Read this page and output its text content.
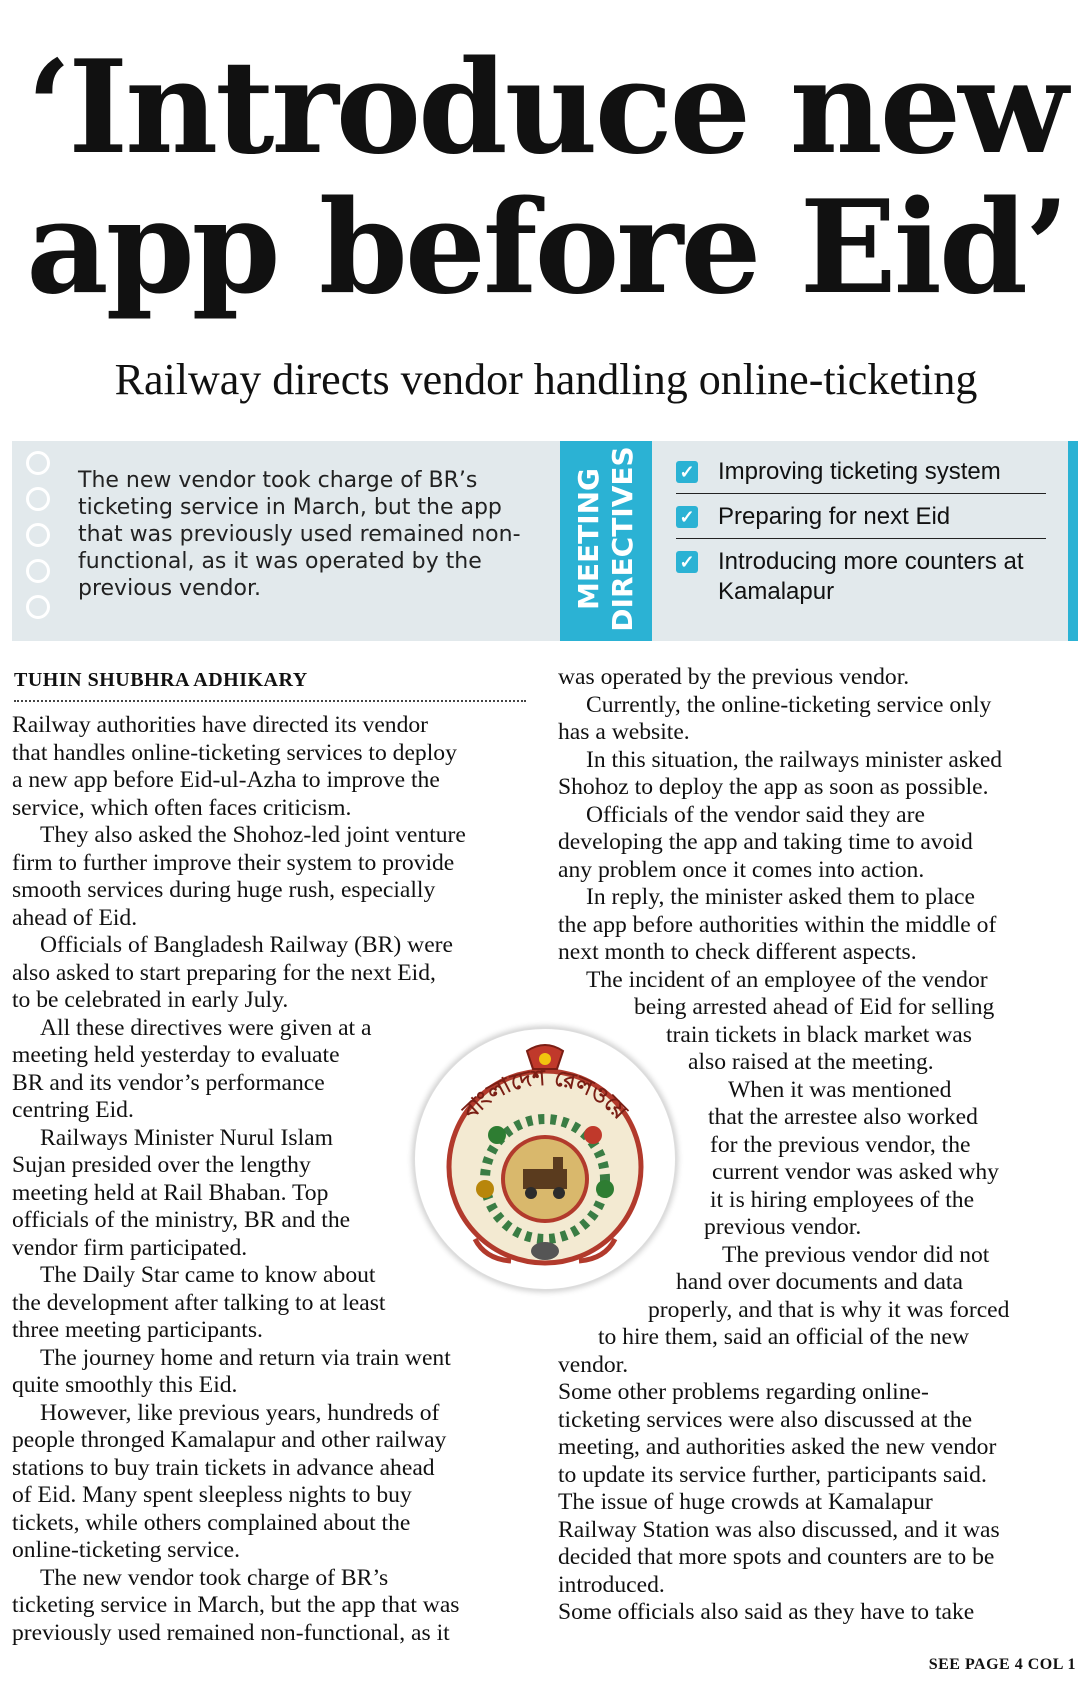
‘Introduce new
app before Eid’

Railway directs vendor handling online-ticketing

The new vendor took charge of BR’s ticketing service in March, but the app that was previously used remained non-functional, as it was operated by the previous vendor.	MEETING
DIRECTIVES ✓ Improving ticketing system
✓ Preparing for next Eid
✓ Introducing more counters at Kamalapur

TUHIN SHUBHRA ADHIKARY

Railway authorities have directed its vendor

that handles online-ticketing services to deploy

a new app before Eid-ul-Azha to improve the

service, which often faces criticism.

They also asked the Shohoz-led joint venture

firm to further improve their system to provide

smooth services during huge rush, especially

ahead of Eid.

Officials of Bangladesh Railway (BR) were

also asked to start preparing for the next Eid,

to be celebrated in early July.

All these directives were given at a

meeting held yesterday to evaluate

BR and its vendor’s performance

centring Eid.

Railways Minister Nurul Islam

Sujan presided over the lengthy

meeting held at Rail Bhaban. Top

officials of the ministry, BR and the

vendor firm participated.

The Daily Star came to know about

the development after talking to at least

three meeting participants.

The journey home and return via train went

quite smoothly this Eid.

However, like previous years, hundreds of

people thronged Kamalapur and other railway

stations to buy train tickets in advance ahead

of Eid. Many spent sleepless nights to buy

tickets, while others complained about the

online-ticketing service.

The new vendor took charge of BR’s

ticketing service in March, but the app that was

previously used remained non-functional, as it

was operated by the previous vendor.

Currently, the online-ticketing service only

has a website.

In this situation, the railways minister asked

Shohoz to deploy the app as soon as possible.

Officials of the vendor said they are

developing the app and taking time to avoid

any problem once it comes into action.

In reply, the minister asked them to place

the app before authorities within the middle of

next month to check different aspects.

The incident of an employee of the vendor

being arrested ahead of Eid for selling

train tickets in black market was

also raised at the meeting.

When it was mentioned

that the arrestee also worked

for the previous vendor, the

current vendor was asked why

it is hiring employees of the

previous vendor.

The previous vendor did not

hand over documents and data

properly, and that is why it was forced

to hire them, said an official of the new

vendor.

Some other problems regarding online-

ticketing services were also discussed at the

meeting, and authorities asked the new vendor

to update its service further, participants said.

The issue of huge crowds at Kamalapur

Railway Station was also discussed, and it was

decided that more spots and counters are to be

introduced.

Some officials also said as they have to take

বাংলাদেশ রেলওয়ে

SEE PAGE 4 COL 1
